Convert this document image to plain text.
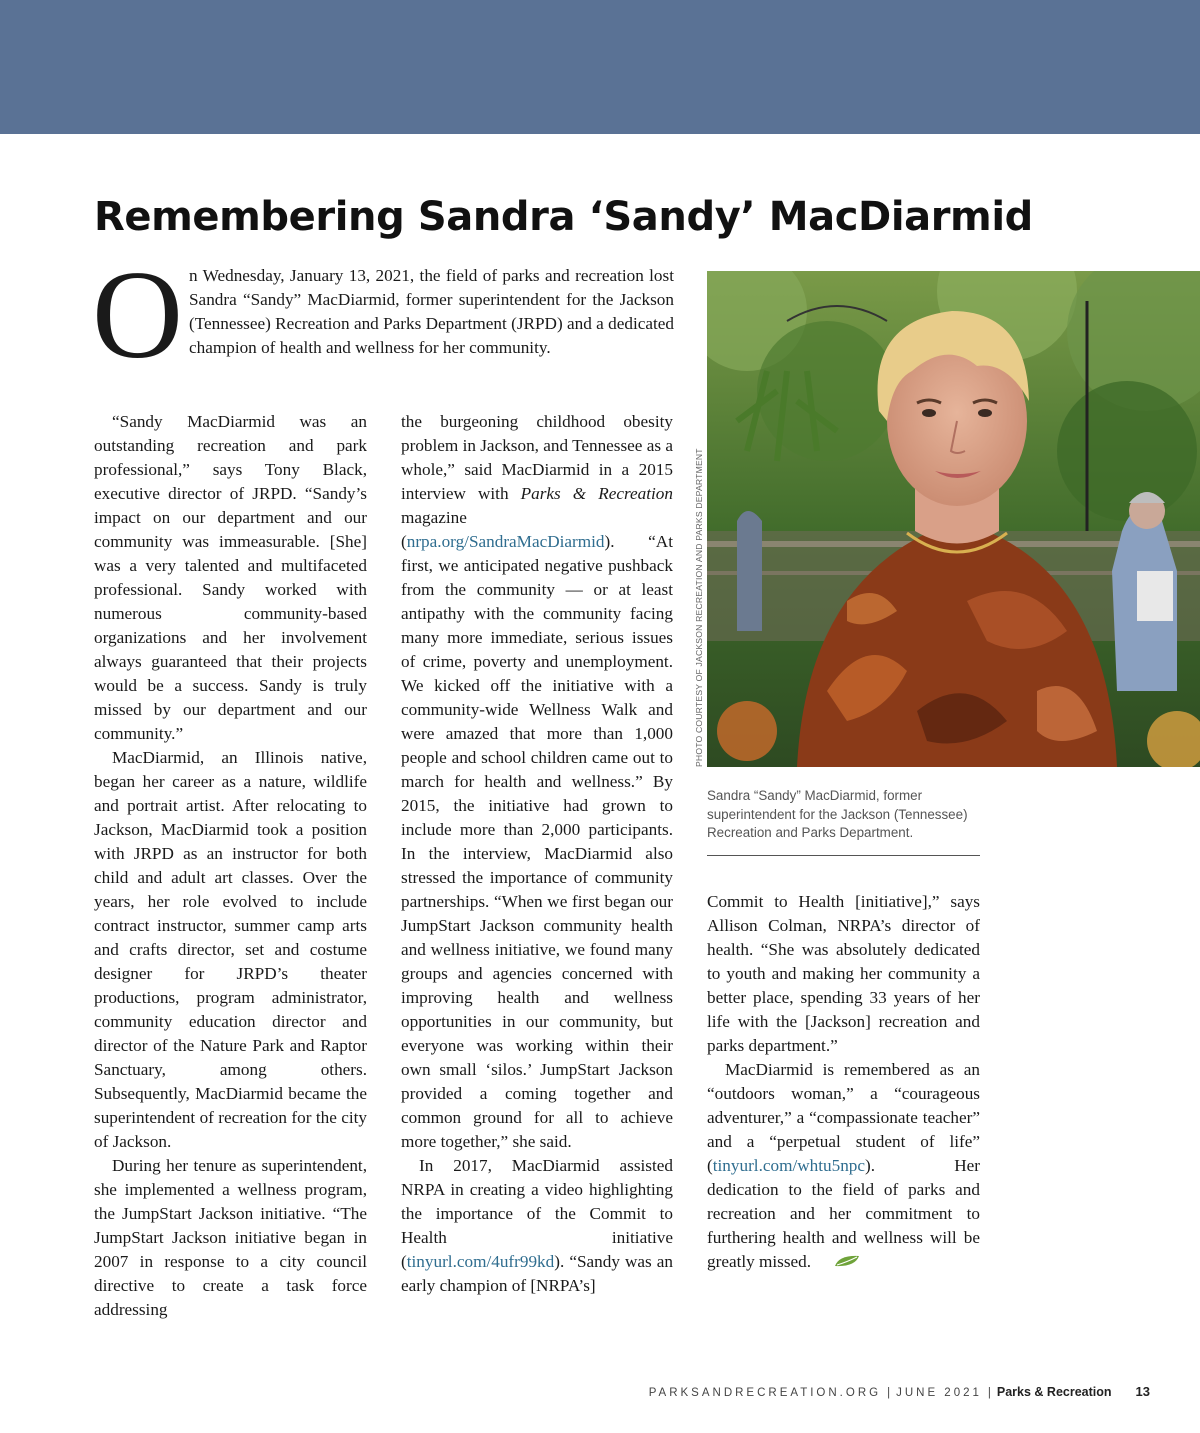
Remembering Sandra ‘Sandy’ MacDiarmid

On Wednesday, January 13, 2021, the field of parks and recreation lost Sandra “Sandy” MacDiarmid, former superintendent for the Jackson (Tennessee) Recreation and Parks Department (JRPD) and a dedicated champion of health and wellness for her community.

“Sandy MacDiarmid was an outstanding recreation and park professional,” says Tony Black, executive director of JRPD. “Sandy’s impact on our department and our community was immeasurable. [She] was a very talented and multifaceted professional. Sandy worked with numerous community-based organizations and her involvement always guaranteed that their projects would be a success. Sandy is truly missed by our department and our community.”

MacDiarmid, an Illinois native, began her career as a nature, wildlife and portrait artist. After relocating to Jackson, MacDiarmid took a position with JRPD as an instructor for both child and adult art classes. Over the years, her role evolved to include contract instructor, summer camp arts and crafts director, set and costume designer for JRPD’s theater productions, program administrator, community education director and director of the Nature Park and Raptor Sanctuary, among others. Subsequently, MacDiarmid became the superintendent of recreation for the city of Jackson.

During her tenure as superintendent, she implemented a wellness program, the JumpStart Jackson initiative. “The JumpStart Jackson initiative began in 2007 in response to a city council directive to create a task force addressing

the burgeoning childhood obesity problem in Jackson, and Tennessee as a whole,” said MacDiarmid in a 2015 interview with Parks & Recreation magazine (nrpa.org/SandraMacDiarmid). “At first, we anticipated negative pushback from the community — or at least antipathy with the community facing many more immediate, serious issues of crime, poverty and unemployment. We kicked off the initiative with a community-wide Wellness Walk and were amazed that more than 1,000 people and school children came out to march for health and wellness.” By 2015, the initiative had grown to include more than 2,000 participants. In the interview, MacDiarmid also stressed the importance of community partnerships. “When we first began our JumpStart Jackson community health and wellness initiative, we found many groups and agencies concerned with improving health and wellness opportunities in our community, but everyone was working within their own small ‘silos.’ JumpStart Jackson provided a coming together and common ground for all to achieve more together,” she said.

In 2017, MacDiarmid assisted NRPA in creating a video highlighting the importance of the Commit to Health initiative (tinyurl.com/4ufr99kd). “Sandy was an early champion of [NRPA’s]

PHOTO COURTESY OF JACKSON RECREATION AND PARKS DEPARTMENT

Sandra “Sandy” MacDiarmid, former superintendent for the Jackson (Tennessee) Recreation and Parks Department.

Commit to Health [initiative],” says Allison Colman, NRPA’s director of health. “She was absolutely dedicated to youth and making her community a better place, spending 33 years of her life with the [Jackson] recreation and parks department.”

MacDiarmid is remembered as an “outdoors woman,” a “courageous adventurer,” a “compassionate teacher” and a “perpetual student of life” (tinyurl.com/whtu5npc). Her dedication to the field of parks and recreation and her commitment to furthering health and wellness will be greatly missed.

PARKSANDRECREATION.ORG | JUNE 2021 | Parks & Recreation 13
